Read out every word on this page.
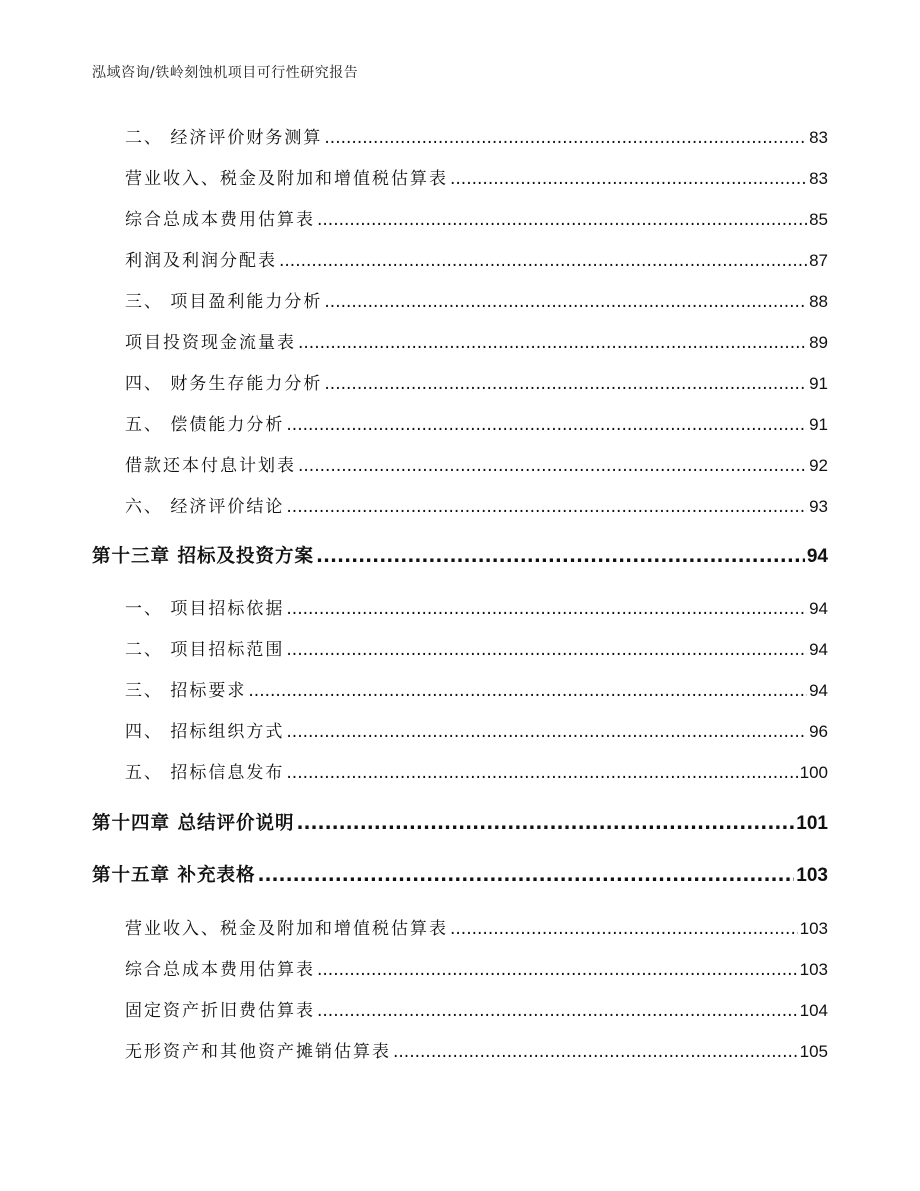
泓域咨询/铁岭刻蚀机项目可行性研究报告
二、 经济评价财务测算 .....	83
营业收入、税金及附加和增值税估算表 .....	83
综合总成本费用估算表 .....	85
利润及利润分配表 .....	87
三、 项目盈利能力分析 .....	88
项目投资现金流量表 .....	89
四、 财务生存能力分析 .....	91
五、 偿债能力分析 .....	91
借款还本付息计划表 .....	92
六、 经济评价结论 .....	93
第十三章 招标及投资方案 .....	94
一、 项目招标依据 .....	94
二、 项目招标范围 .....	94
三、 招标要求 .....	94
四、 招标组织方式 .....	96
五、 招标信息发布 .....	100
第十四章 总结评价说明 .....	101
第十五章 补充表格 .....	103
营业收入、税金及附加和增值税估算表 .....	103
综合总成本费用估算表 .....	103
固定资产折旧费估算表 .....	104
无形资产和其他资产摊销估算表 .....	105
